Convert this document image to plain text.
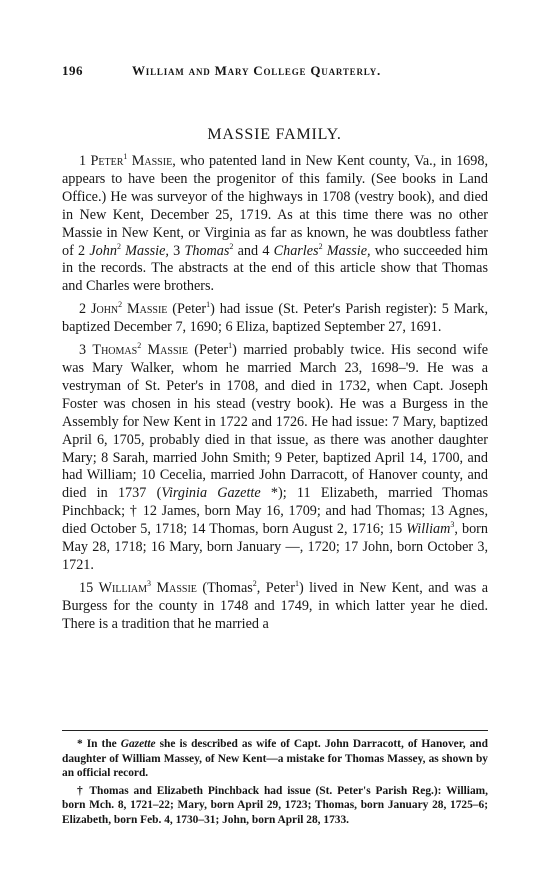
196	William and Mary College Quarterly.
MASSIE FAMILY.

1 Peter$^1$ Massie, who patented land in New Kent county, Va., in 1698, appears to have been the progenitor of this family. (See books in Land Office.) He was surveyor of the highways in 1708 (vestry book), and died in New Kent, December 25, 1719. As at this time there was no other Massie in New Kent, or Virginia as far as known, he was doubtless father of 2 John$^2$ Massie, 3 Thomas$^2$ and 4 Charles$^2$ Massie, who succeeded him in the records. The abstracts at the end of this article show that Thomas and Charles were brothers.

2 John$^2$ Massie (Peter$^1$) had issue (St. Peter's Parish register): 5 Mark, baptized December 7, 1690; 6 Eliza, baptized September 27, 1691.

3 Thomas$^2$ Massie (Peter$^1$) married probably twice. His second wife was Mary Walker, whom he married March 23, 1698–'9. He was a vestryman of St. Peter's in 1708, and died in 1732, when Capt. Joseph Foster was chosen in his stead (vestry book). He was a Burgess in the Assembly for New Kent in 1722 and 1726. He had issue: 7 Mary, baptized April 6, 1705, probably died in that issue, as there was another daughter Mary; 8 Sarah, married John Smith; 9 Peter, baptized April 14, 1700, and had William; 10 Cecelia, married John Darracott, of Hanover county, and died in 1737 (Virginia Gazette *); 11 Elizabeth, married Thomas Pinchback; † 12 James, born May 16, 1709; and had Thomas; 13 Agnes, died October 5, 1718; 14 Thomas, born August 2, 1716; 15 William$^3$, born May 28, 1718; 16 Mary, born January —, 1720; 17 John, born October 3, 1721.

15 William$^3$ Massie (Thomas$^2$, Peter$^1$) lived in New Kent, and was a Burgess for the county in 1748 and 1749, in which latter year he died. There is a tradition that he married a

* In the Gazette she is described as wife of Capt. John Darracott, of Hanover, and daughter of William Massey, of New Kent—a mistake for Thomas Massey, as shown by an official record.

† Thomas and Elizabeth Pinchback had issue (St. Peter's Parish Reg.): William, born Mch. 8, 1721–22; Mary, born April 29, 1723; Thomas, born January 28, 1725–6; Elizabeth, born Feb. 4, 1730–31; John, born April 28, 1733.
